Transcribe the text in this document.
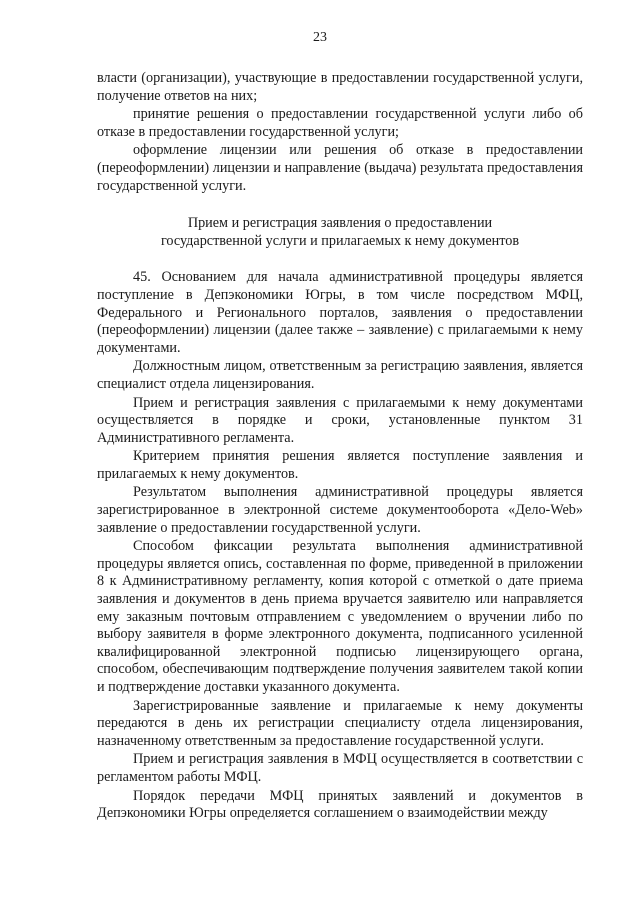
23

власти (организации), участвующие в предоставлении государственной услуги, получение ответов на них;

принятие решения о предоставлении государственной услуги либо об отказе в предоставлении государственной услуги;

оформление лицензии или решения об отказе в предоставлении (переоформлении) лицензии и направление (выдача) результата предоставления государственной услуги.

Прием и регистрация заявления о предоставлении
государственной услуги и прилагаемых к нему документов

45. Основанием для начала административной процедуры является поступление в Депэкономики Югры, в том числе посредством МФЦ, Федерального и Регионального порталов, заявления о предоставлении (переоформлении) лицензии (далее также – заявление) с прилагаемыми к нему документами.

Должностным лицом, ответственным за регистрацию заявления, является специалист отдела лицензирования.

Прием и регистрация заявления с прилагаемыми к нему документами осуществляется в порядке и сроки, установленные пунктом 31 Административного регламента.

Критерием принятия решения является поступление заявления и прилагаемых к нему документов.

Результатом выполнения административной процедуры является зарегистрированное в электронной системе документооборота «Дело-Web» заявление о предоставлении государственной услуги.

Способом фиксации результата выполнения административной процедуры является опись, составленная по форме, приведенной в приложении 8 к Административному регламенту, копия которой с отметкой о дате приема заявления и документов в день приема вручается заявителю или направляется ему заказным почтовым отправлением с уведомлением о вручении либо по выбору заявителя в форме электронного документа, подписанного усиленной квалифицированной электронной подписью лицензирующего органа, способом, обеспечивающим подтверждение получения заявителем такой копии и подтверждение доставки указанного документа.

Зарегистрированные заявление и прилагаемые к нему документы передаются в день их регистрации специалисту отдела лицензирования, назначенному ответственным за предоставление государственной услуги.

Прием и регистрация заявления в МФЦ осуществляется в соответствии с регламентом работы МФЦ.

Порядок передачи МФЦ принятых заявлений и документов в Депэкономики Югры определяется соглашением о взаимодействии между
